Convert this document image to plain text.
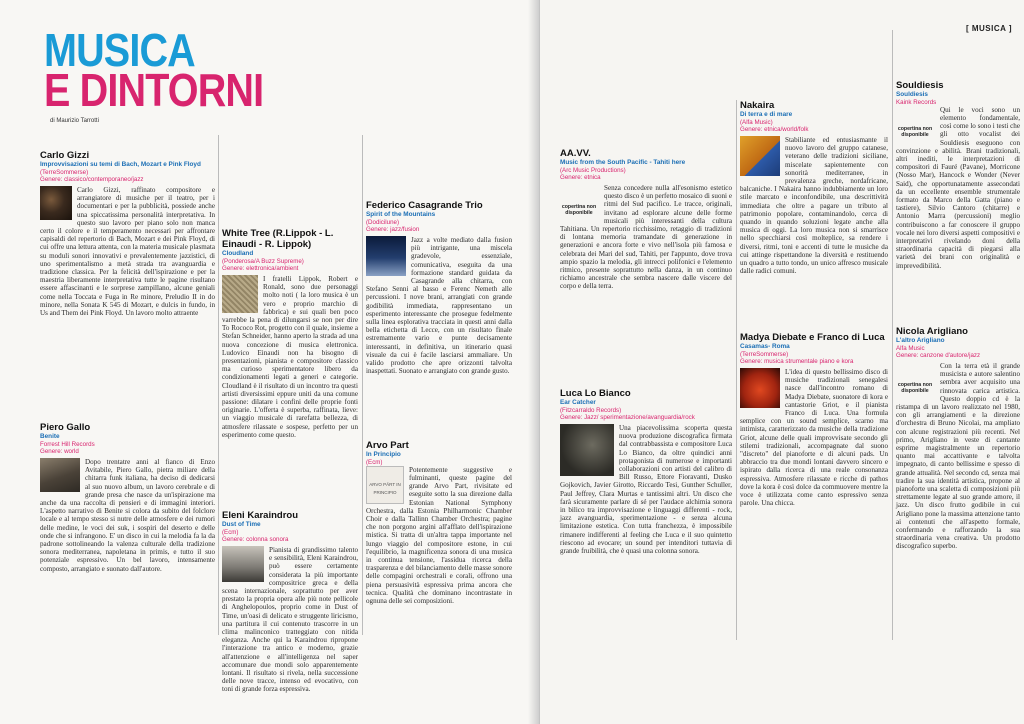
MUSICA
E DINTORNI
di Maurizio Tarrotti
Carlo Gizzi
Improvvisazioni su temi di Bach, Mozart e Pink Floyd
(TerreSommerse)
Genere: classico/contemporaneo/jazz
Carlo Gizzi, raffinato compositore e arrangiatore di musiche per il teatro, per i documentari e per la pubblicità, possiede anche una spiccatissima personalità interpretativa. In questo suo lavoro per piano solo non manca certo il colore e il temperamento necessari per affrontare capisaldi del repertorio di Bach, Mozart e dei Pink Floyd, di cui offre una lettura attenta, con la materia musicale plasmata su moduli sonori innovativi e prevalentemente jazzistici, di uno sperimentalismo a metà strada tra avanguardia e tradizione classica. Per la felicità dell'ispirazione e per la maestria liberamente interpretativa tutte le pagine risultano essere affascinanti e le sorprese zampillano, alcune geniali come nella Toccata e Fuga in Re minore, Preludio II in do minore, nella Sonata K 545 di Mozart, e dulcis in fundo, in Us and Them dei Pink Floyd. Un lavoro molto attraente
Piero Gallo
Benite
Forrest Hill Records
Genere: world
Dopo trentatre anni al fianco di Enzo Avitabile, Piero Gallo, pietra miliare della chitarra funk italiana, ha deciso di dedicarsi al suo nuovo album, un lavoro cerebrale e di grande presa che nasce da un'ispirazione ma anche da una raccolta di pensieri e di immagini interiori. L'aspetto narrativo di Benite si colora da subito del folclore locale e al tempo stesso si nutre delle atmosfere e dei rumori delle medine, le voci dei suk, i sospiri del deserto e delle onde che si infrangono. E' un disco in cui la melodia fa la da padrone sottolineando la valenza culturale della tradizione sonora mediterranea, napoletana in primis, e tutto il suo potenziale espressivo. Un bel lavoro, intensamente composto, arrangiato e suonato dall'autore.
White Tree (R.Lippok - L. Einaudi - R. Lippok)
Cloudland
(Ponderosa/A Buzz Supreme)
Genere: elettronica/ambient
I fratelli Lippok, Robert e Ronald, sono due personaggi molto noti ( la loro musica è un vero e proprio marchio di fabbrica) e sui quali ben poco varrebbe la pena di dilungarsi se non per dire To Rococo Rot, progetto con il quale, insieme a Stefan Schneider, hanno aperto la strada ad una nuova concezione di musica elettronica. Ludovico Einaudi non ha bisogno di presentazioni, pianista e compositore classico ma curioso sperimentatore libero da condizionamenti legati a generi e categorie. Cloudland è il risultato di un incontro tra questi artisti diversissimi eppure uniti da una comune passione: dilatare i confini delle proprie fonti originarie. L'offerta è superba, raffinata, lieve: un viaggio musicale di rarefatta bellezza, di atmosfere rilassate e sospese, perfetto per un esperimento come questo.
Eleni Karaindrou
Dust of Time
(Ecm)
Genere: colonna sonora
Pianista di grandissimo talento e sensibilità, Eleni Karaindrou, può essere certamente considerata la più importante compositrice greca e della scena internazionale, soprattutto per aver prestato la propria opera alle più note pellicole di Anghelopoulos, proprio come in Dust of Time, un'oasi di delicato e struggente liricismo, una partitura il cui contenuto trascorre in un clima malinconico tratteggiato con nitida eleganza. Anche qui la Karaindrou ripropone l'interazione tra antico e moderno, grazie all'attenzione e all'intelligenza nel saper accomunare due mondi solo apparentemente lontani. Il risultato si rivela, nella successione delle nove tracce, intenso ed evocativo, con toni di grande forza espressiva.
Federico Casagrande Trio
Spirit of the Mountains
(Dodicilune)
Genere: jazz/fusion
Jazz a volte mediato dalla fusion più intrigante, una miscela gradevole, essenziale, comunicativa, eseguita da una formazione standard guidata da Casagrande alla chitarra, con Stefano Senni al basso e Ferenc Nemeth alle percussioni. I nove brani, arrangiati con grande godibilità immediata, rappresentano un esperimento interessante che prosegue fedelmente sulla linea esplorativa tracciata in questi anni dalla bella etichetta di Lecce, con un risultato finale estremamente vario e punte decisamente interessanti, in definitiva, un itinerario quasi visuale da cui è facile lasciarsi ammaliare. Un valido prodotto che apre orizzonti talvolta inaspettati. Suonato e arrangiato con grande gusto.
Arvo Part
In Principio
(Ecm)
ARVO PÄRT IN PRINCIPIO
Potentemente suggestive e fulminanti, queste pagine del grande Arvo Part, rivisitate ed eseguite sotto la sua direzione dalla Estonian National Symphony Orchestra, dalla Estonia Philharmonic Chamber Choir e dalla Tallinn Chamber Orchestra; pagine che non porgono argini all'afflato dell'ispirazione mistica. Si tratta di un'altra tappa importante nel lungo viaggio del compositore estone, in cui l'equilibrio, la magnificenza sonora di una musica in continua tensione, l'assidua ricerca della trasparenza e del bilanciamento delle masse sonore delle compagini orchestrali e corali, offrono una piena persuasività espressiva prima ancora che tecnica. Qualità che dominano incontrastate in ognuna delle sei composizioni.
[ MUSICA ]
AA.VV.
Music from the South Pacific - Tahiti here
(Arc Music Productions)
Genere: etnica
copertina non disponibile
Senza concedere nulla all'esonismo estetico questo disco è un perfetto mosaico di suoni e ritmi del Sud pacifico. Le tracce, originali, invitano ad esplorare alcune delle forme musicali più interessanti della cultura Tahitiana. Un repertorio ricchissimo, retaggio di tradizioni di lontana memoria tramandate di generazione in generazioni e ancora forte e vivo nell'isola più famosa e celebrata dei Mari del sud, Tahiti, per l'appunto, dove trova ampio spazio la melodia, gli intrecci polifonici e l'elemento ritmico, presente soprattutto nella danza, in un continuo richiamo ancestrale che sembra nascere dalle viscere del corpo e della terra.
Luca Lo Bianco
Ear Catcher
(Fitzcarraldo Records)
Genere: Jazz/ sperimentazione/avanguardia/rock
Una piacevolissima scoperta questa nuova produzione discografica firmata dal contrabbassista e compositore Luca Lo Bianco, da oltre quindici anni protagonista di numerose e importanti collaborazioni con artisti del calibro di Bill Russo, Ettore Fioravanti, Dusko Gojkovich, Javier Girotto, Riccardo Tesi, Gunther Schuller, Paul Jeffrey, Clara Murtas e tantissimi altri. Un disco che farà sicuramente parlare di sé per l'audace alchimia sonora in bilico tra improvvisazione e linguaggi differenti - rock, jazz avanguardia, sperimentazione - e senza alcuna limitazione estetica. Con tutta franchezza, è impossibile rimanere indifferenti al feeling che Luca e il suo quintetto riescono ad evocare; un sound per intenditori tuttavia di grande fruibilità, che è quasi una colonna sonora.
Nakaira
Di terra e di mare
(Alfa Music)
Genere: etnica/world/folk
Stabiliante ed entusiasmante il nuovo lavoro del gruppo catanese, veterano delle tradizioni siciliane, miscelate sapientemente con sonorità mediterranee, in prevalenza greche, nordafricane, balcaniche. I Nakaira hanno indubbiamente un loro stile marcato e inconfondibile, una descrittività immediata che oltre a pagare un tributo al patrimonio popolare, contaminandolo, cerca di quando in quando soluzioni legate anche alla musica di oggi. La loro musica non si smarrisce nello specchiarsi così molteplice, sa rendere i diversi, ritmi, toni e accenti di tutte le musiche da cui attinge rispettandone la diversità e restituendo un quadro a tutto tondo, un unico affresco musicale dalle radici comuni.
Madya Diebate e Franco di Luca
Casamas- Roma
(TerreSommerse)
Genere: musica strumentale piano e kora
L'idea di questo bellissimo disco di musiche tradizionali senegalesi nasce dall'incontro romano di Madya Diebate, suonatore di kora e cantastorie Griot, e il pianista Franco di Luca. Una formula semplice con un sound semplice, scarno ma intimista, caratterizzato da musiche della tradizione Griot, alcune delle quali improvvisate secondo gli stilemi tradizionali, accompagnate dal suono "discreto" del pianoforte e di alcuni pads. Un abbraccio tra due mondi lontani davvero sincero e ispirato dalla ricerca di una reale consonanza espressiva. Atmosfere rilassate e ricche di pathos dove la kora è così dolce da commuovere mentre la voce è utilizzata come canto espressivo senza parole. Una chicca.
Souldiesis
Souldiesis
Kaink Records
copertina non disponibile
Qui le voci sono un elemento fondamentale, così come lo sono i testi che gli otto vocalist dei Souldiesis eseguono con convinzione e abilità. Brani tradizionali, altri inediti, le interpretazioni di compositori di Fauré (Pavane), Morricone (Nosso Mar), Hancock e Wonder (Never Said), che opportunatamente assecondati da un eccellente ensemble strumentale formato da Marco della Gatta (piano e tastiere), Silvio Cantoro (chitarre) e Antonio Marra (percussioni) meglio contribuiscono a far conoscere il gruppo vocale nei loro diversi aspetti compositivi e interpretativi rivelando doni della straordinaria capacità di piegarsi alla varietà dei brani con originalità e imprevedibilità.
Nicola Arigliano
L'altro Arigliano
Alfa Music
Genere: canzone d'autore/jazz
copertina non disponibile
Con la terra età il grande musicista e autore salentino sembra aver acquisito una rinnovata carica artistica. Questo doppio cd è la ristampa di un lavoro realizzato nel 1980, con gli arrangiamenti e la direzione d'orchestra di Bruno Nicolai, ma ampliato con alcune registrazioni più recenti. Nel primo, Arigliano in veste di cantante esprime magistralmente un repertorio quanto mai accattivante e talvolta impegnato, di canto bellissime e spesso di grande attualità. Nel secondo cd, senza mai tradire la sua identità artistica, propone al pianoforte una scaletta di composizioni più strettamente legate al suo grande amore, il jazz. Un disco frutto godibile in cui Arigliano pone la massima attenzione tanto ai contenuti che all'aspetto formale, confermando e rafforzando la sua straordinaria vena creativa. Un prodotto discografico superbo.
